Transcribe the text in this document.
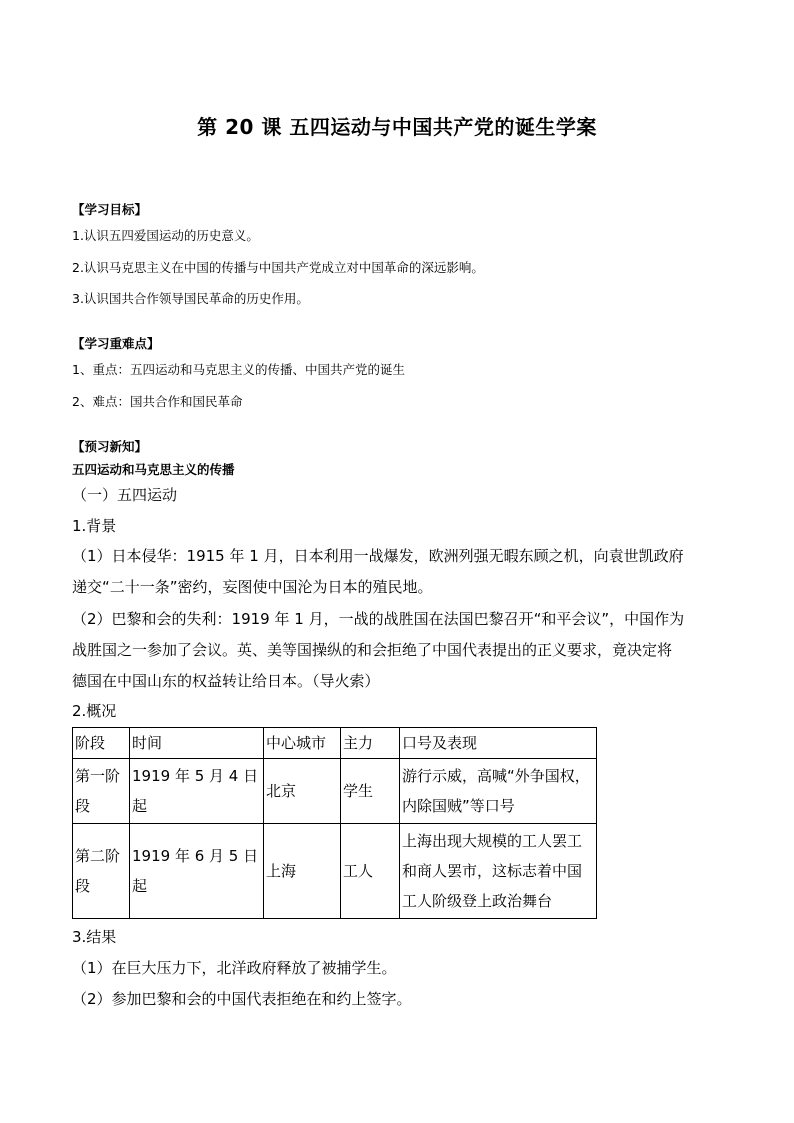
第 20 课 五四运动与中国共产党的诞生学案
【学习目标】
1.认识五四爱国运动的历史意义。
2.认识马克思主义在中国的传播与中国共产党成立对中国革命的深远影响。
3.认识国共合作领导国民革命的历史作用。
【学习重难点】
1、重点：五四运动和马克思主义的传播、中国共产党的诞生
2、难点：国共合作和国民革命
【预习新知】
五四运动和马克思主义的传播
（一）五四运动
1.背景
（1）日本侵华：1915 年 1 月，日本利用一战爆发，欧洲列强无暇东顾之机，向袁世凯政府
递交“二十一条”密约，妄图使中国沦为日本的殖民地。
（2）巴黎和会的失利：1919 年 1 月，一战的战胜国在法国巴黎召开“和平会议”，中国作为
战胜国之一参加了会议。英、美等国操纵的和会拒绝了中国代表提出的正义要求，竟决定将
德国在中国山东的权益转让给日本。（导火索）
2.概况
阶段	时间	中心城市	主力	口号及表现
第一阶段	1919 年 5 月 4 日起	北京	学生	游行示威，高喊“外争国权，内除国贼”等口号
第二阶段	1919 年 6 月 5 日起	上海	工人	上海出现大规模的工人罢工和商人罢市，这标志着中国工人阶级登上政治舞台
3.结果
（1）在巨大压力下，北洋政府释放了被捕学生。
（2）参加巴黎和会的中国代表拒绝在和约上签字。
